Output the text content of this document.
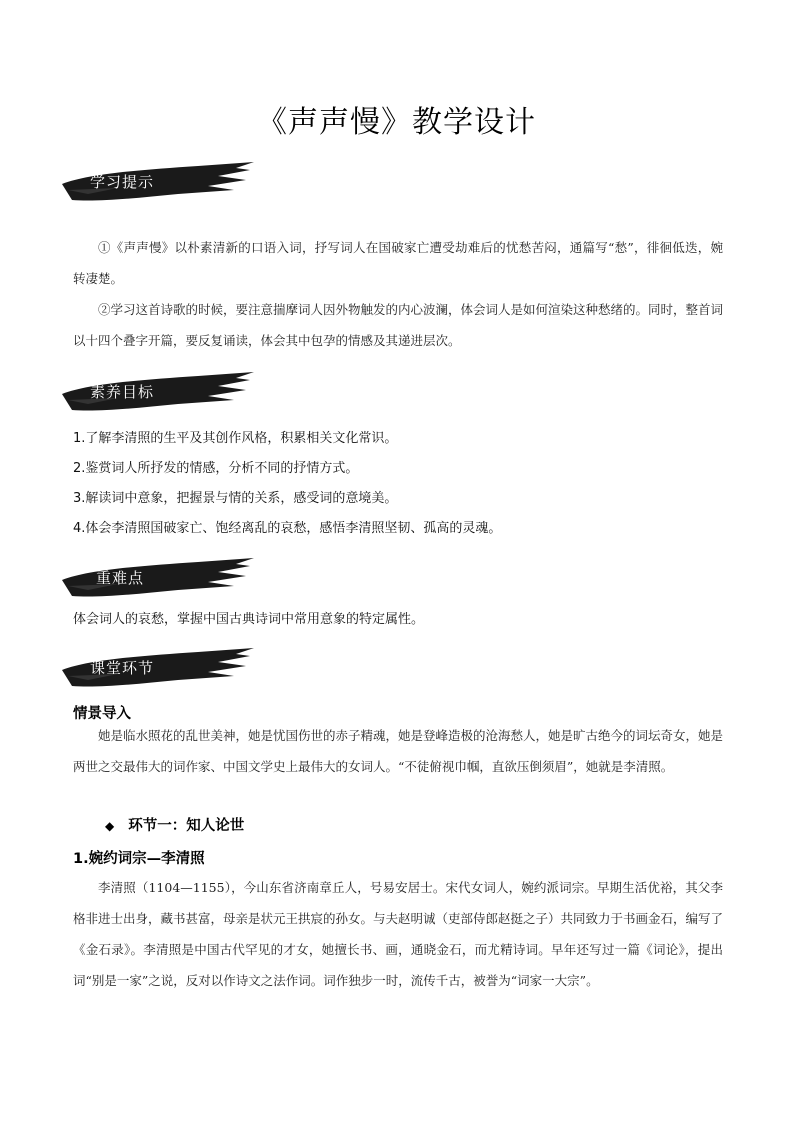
《声声慢》教学设计
学习提示
①《声声慢》以朴素清新的口语入词，抒写词人在国破家亡遭受劫难后的忧愁苦闷，通篇写“愁”，徘徊低迭，婉转凄楚。
②学习这首诗歌的时候，要注意揣摩词人因外物触发的内心波澜，体会词人是如何渲染这种愁绪的。同时，整首词以十四个叠字开篇，要反复诵读，体会其中包孕的情感及其递进层次。
素养目标
1.了解李清照的生平及其创作风格，积累相关文化常识。
2.鉴赏词人所抒发的情感，分析不同的抒情方式。
3.解读词中意象，把握景与情的关系，感受词的意境美。
4.体会李清照国破家亡、饱经离乱的哀愁，感悟李清照坚韧、孤高的灵魂。
重难点
体会词人的哀愁，掌握中国古典诗词中常用意象的特定属性。
课堂环节
情景导入
她是临水照花的乱世美神，她是忧国伤世的赤子精魂，她是登峰造极的沧海愁人，她是旷古绝今的词坛奇女，她是两世之交最伟大的词作家、中国文学史上最伟大的女词人。“不徒俯视巾帼，直欲压倒须眉”，她就是李清照。
◆ 环节一：知人论世
1.婉约词宗—李清照
李清照（1104—1155），今山东省济南章丘人，号易安居士。宋代女词人，婉约派词宗。早期生活优裕，其父李格非进士出身，藏书甚富，母亲是状元王拱宸的孙女。与夫赵明诚（吏部侍郎赵挺之子）共同致力于书画金石，编写了《金石录》。李清照是中国古代罕见的才女，她擅长书、画，通晓金石，而尤精诗词。早年还写过一篇《词论》，提出词“别是一家”之说，反对以作诗文之法作词。词作独步一时，流传千古，被誉为“词家一大宗”。
